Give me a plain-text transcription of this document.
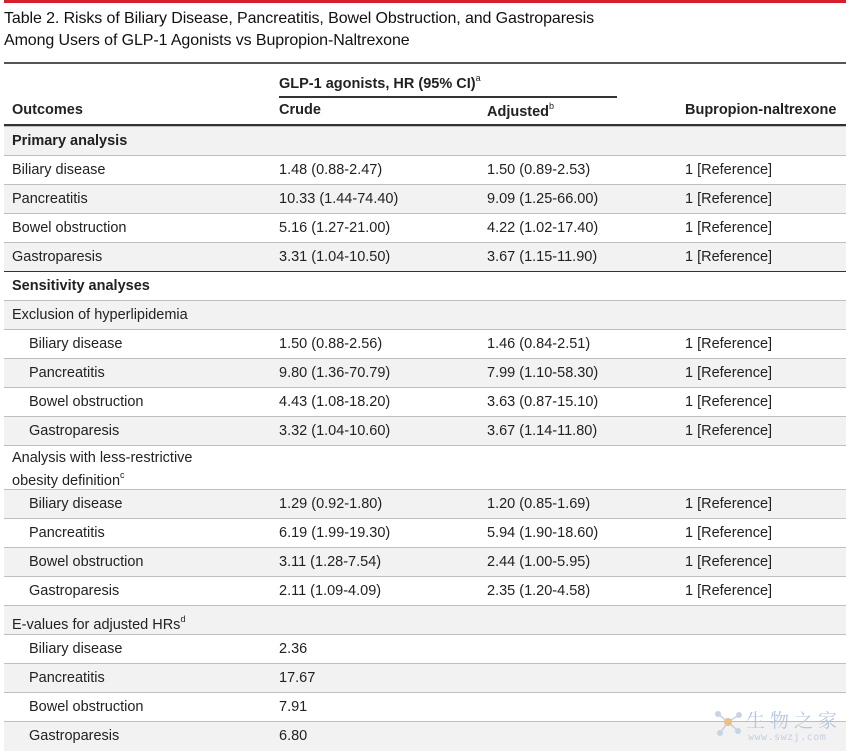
Table 2. Risks of Biliary Disease, Pancreatitis, Bowel Obstruction, and Gastroparesis
Among Users of GLP-1 Agonists vs Bupropion-Naltrexone
GLP-1 agonists, HR (95% CI)$^a$
Outcomes	Crude	Adjusted$^b$	Bupropion-naltrexone
Primary analysis
Biliary disease	1.48 (0.88-2.47)	1.50 (0.89-2.53)	1 [Reference]
Pancreatitis	10.33 (1.44-74.40)	9.09 (1.25-66.00)	1 [Reference]
Bowel obstruction	5.16 (1.27-21.00)	4.22 (1.02-17.40)	1 [Reference]
Gastroparesis	3.31 (1.04-10.50)	3.67 (1.15-11.90)	1 [Reference]
Sensitivity analyses
Exclusion of hyperlipidemia
Biliary disease	1.50 (0.88-2.56)	1.46 (0.84-2.51)	1 [Reference]
Pancreatitis	9.80 (1.36-70.79)	7.99 (1.10-58.30)	1 [Reference]
Bowel obstruction	4.43 (1.08-18.20)	3.63 (0.87-15.10)	1 [Reference]
Gastroparesis	3.32 (1.04-10.60)	3.67 (1.14-11.80)	1 [Reference]
Analysis with less-restrictive
obesity definition$^c$
Biliary disease	1.29 (0.92-1.80)	1.20 (0.85-1.69)	1 [Reference]
Pancreatitis	6.19 (1.99-19.30)	5.94 (1.90-18.60)	1 [Reference]
Bowel obstruction	3.11 (1.28-7.54)	2.44 (1.00-5.95)	1 [Reference]
Gastroparesis	2.11 (1.09-4.09)	2.35 (1.20-4.58)	1 [Reference]
E-values for adjusted HRs$^d$
Biliary disease	2.36
Pancreatitis	17.67
Bowel obstruction	7.91
Gastroparesis	6.80
生物之家
www.swzj.com
